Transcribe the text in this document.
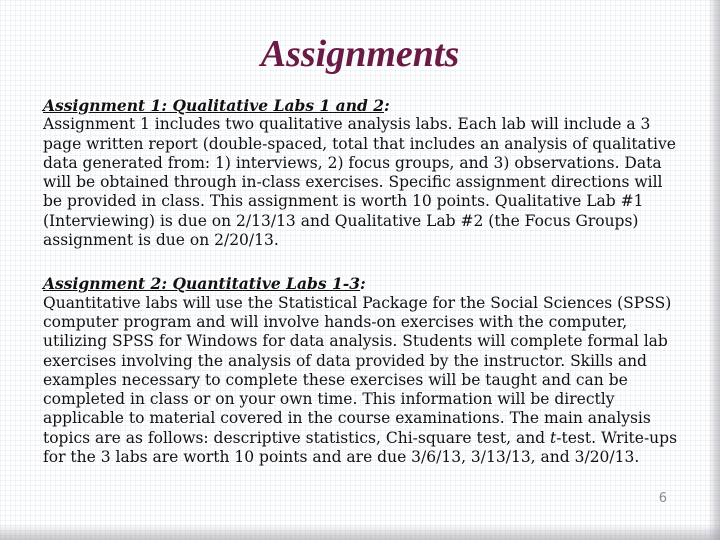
Assignments
Assignment 1: Qualitative Labs 1 and 2:

Assignment 1 includes two qualitative analysis labs. Each lab will include a 3 page written report (double-spaced, total that includes an analysis of qualitative data generated from: 1) interviews, 2) focus groups, and 3) observations. Data will be obtained through in-class exercises. Specific assignment directions will be provided in class. This assignment is worth 10 points. Qualitative Lab #1 (Interviewing) is due on 2/13/13 and Qualitative Lab #2 (the Focus Groups) assignment is due on 2/20/13.

Assignment 2: Quantitative Labs 1-3:

Quantitative labs will use the Statistical Package for the Social Sciences (SPSS) computer program and will involve hands-on exercises with the computer, utilizing SPSS for Windows for data analysis. Students will complete formal lab exercises involving the analysis of data provided by the instructor. Skills and examples necessary to complete these exercises will be taught and can be completed in class or on your own time. This information will be directly applicable to material covered in the course examinations. The main analysis topics are as follows: descriptive statistics, Chi-square test, and t-test. Write-ups for the 3 labs are worth 10 points and are due 3/6/13, 3/13/13, and 3/20/13.

6
